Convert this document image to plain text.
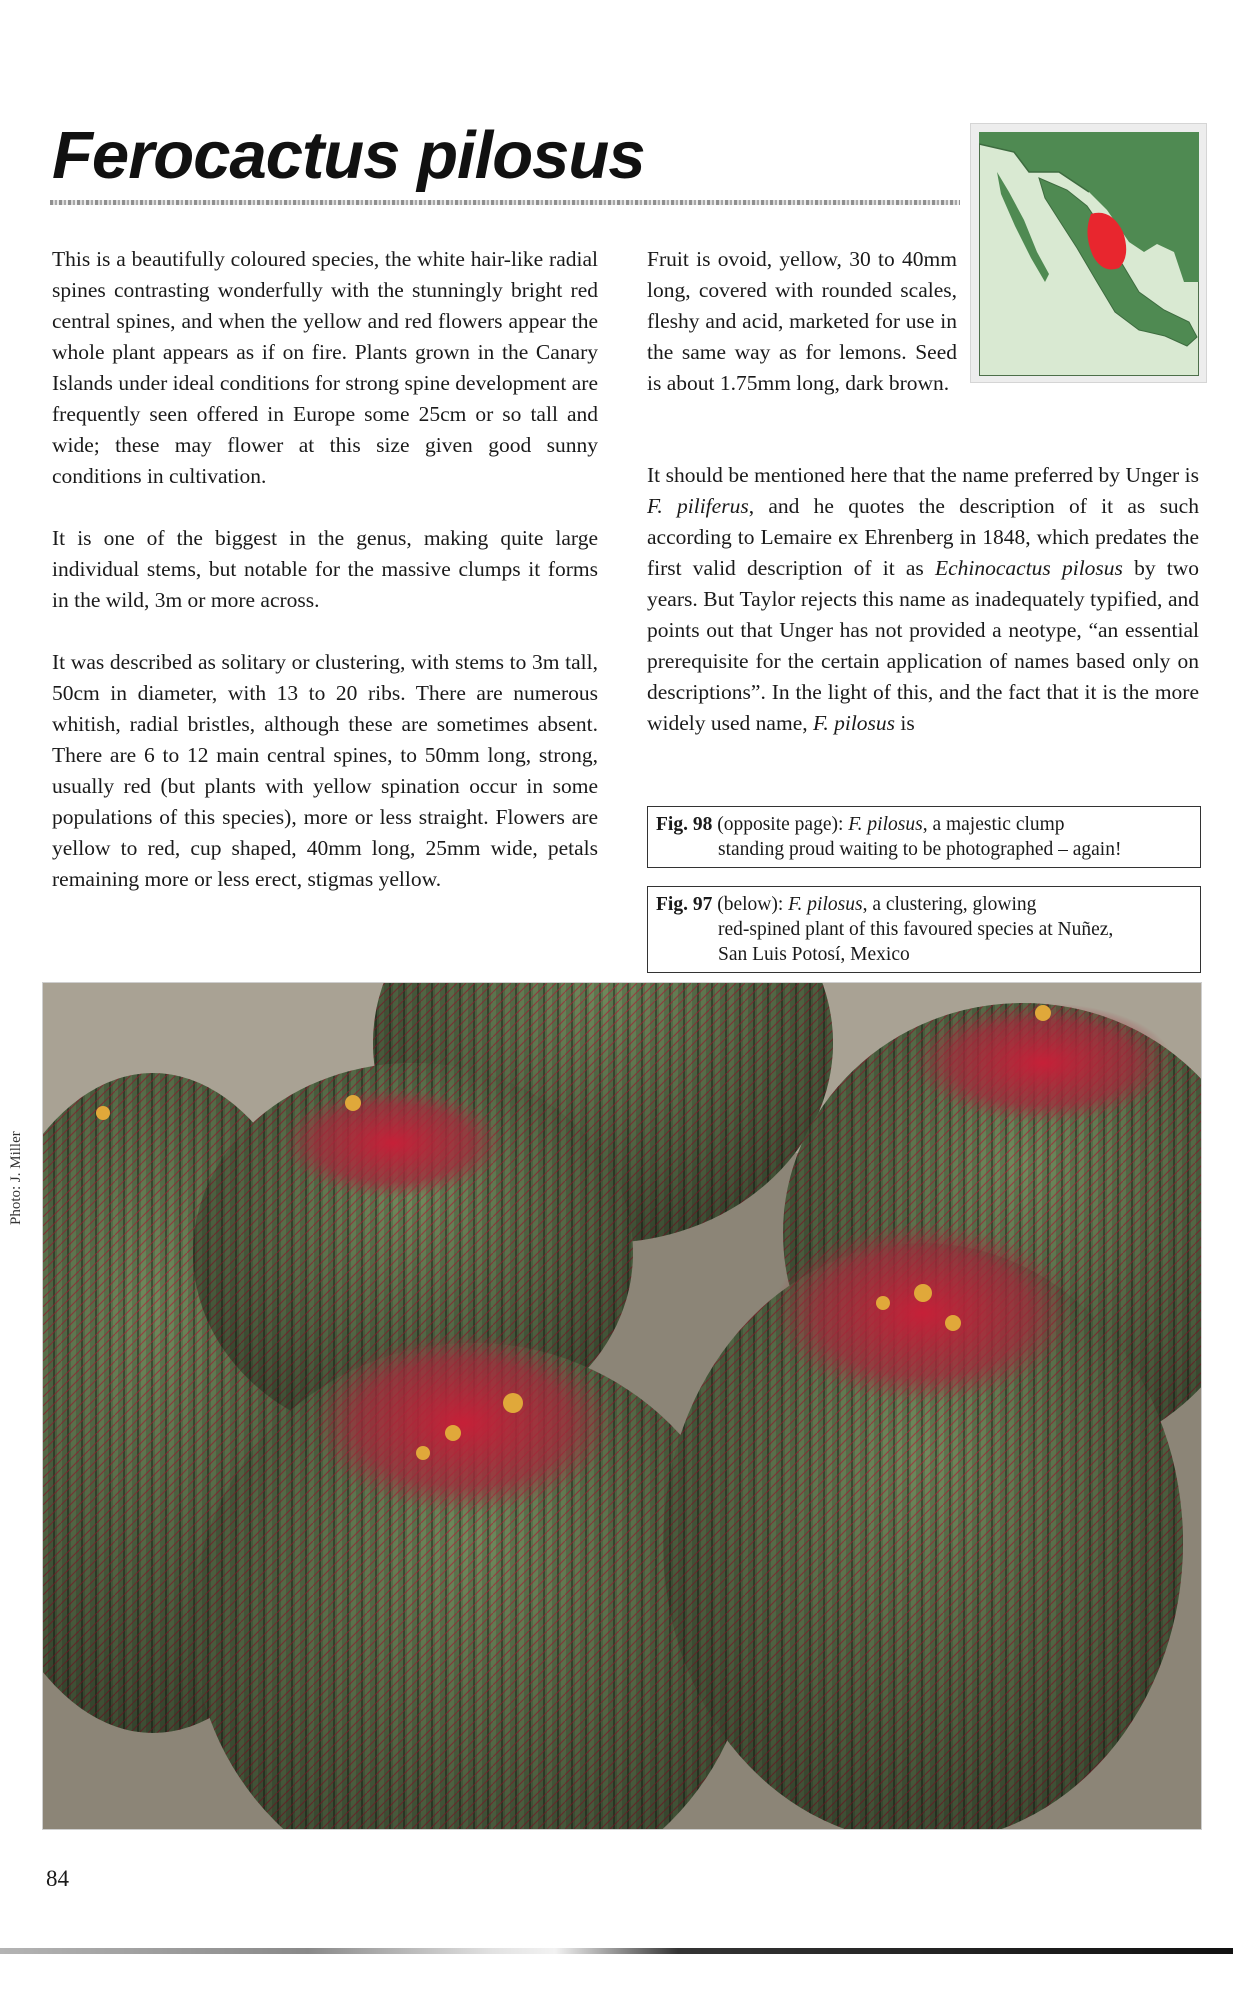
Ferocactus pilosus

This is a beautifully coloured species, the white hair-like radial spines contrasting wonderfully with the stunningly bright red central spines, and when the yellow and red flowers appear the whole plant appears as if on fire. Plants grown in the Canary Islands under ideal conditions for strong spine development are frequently seen offered in Europe some 25cm or so tall and wide; these may flower at this size given good sunny conditions in cultivation.

It is one of the biggest in the genus, making quite large individual stems, but notable for the massive clumps it forms in the wild, 3m or more across.

It was described as solitary or clustering, with stems to 3m tall, 50cm in diameter, with 13 to 20 ribs. There are numerous whitish, radial bristles, although these are sometimes absent. There are 6 to 12 main central spines, to 50mm long, strong, usually red (but plants with yellow spination occur in some populations of this species), more or less straight. Flowers are yellow to red, cup shaped, 40mm long, 25mm wide, petals remaining more or less erect, stigmas yellow.

Fruit is ovoid, yellow, 30 to 40mm long, covered with rounded scales, fleshy and acid, marketed for use in the same way as for lemons. Seed is about 1.75mm long, dark brown.

It should be mentioned here that the name preferred by Unger is F. piliferus, and he quotes the description of it as such according to Lemaire ex Ehrenberg in 1848, which predates the first valid description of it as Echinocactus pilosus by two years. But Taylor rejects this name as inadequately typified, and points out that Unger has not provided a neotype, “an essential prerequisite for the certain application of names based only on descriptions”. In the light of this, and the fact that it is the more widely used name, F. pilosus is

Fig. 98 (opposite page): F. pilosus, a majestic clump
standing proud waiting to be photographed – again!
Fig. 97 (below): F. pilosus, a clustering, glowing
red-spined plant of this favoured species at Nuñez,
San Luis Potosí, Mexico
Photo: J. Miller
84
